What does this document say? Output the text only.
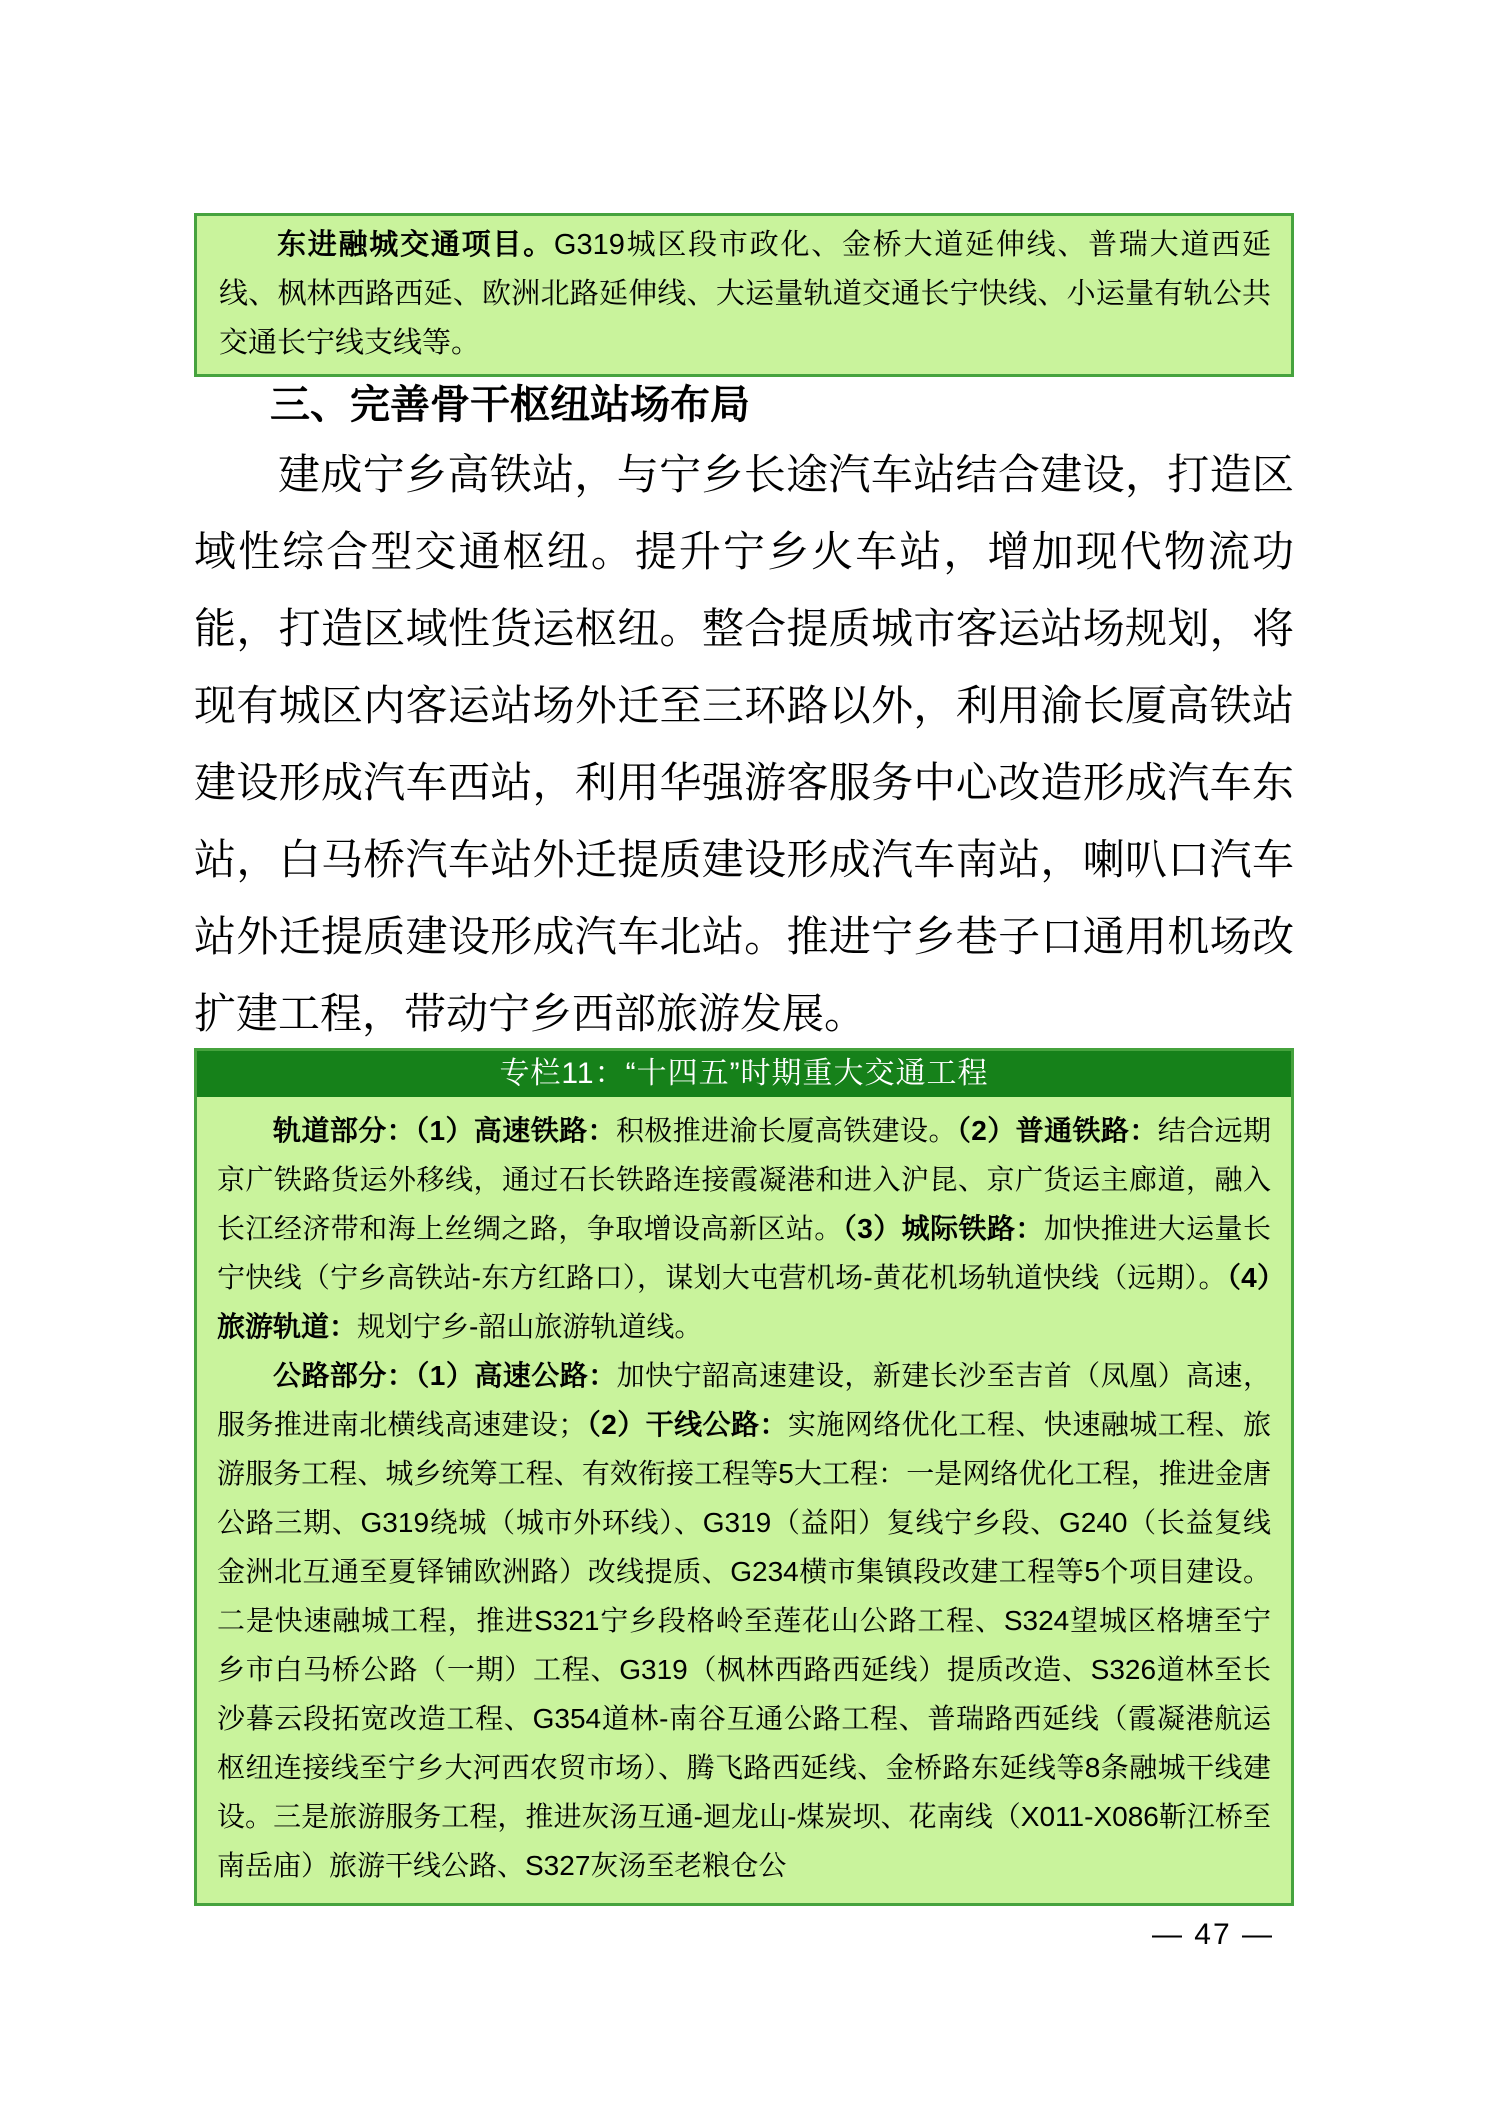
东进融城交通项目。G319城区段市政化、金桥大道延伸线、普瑞大道西延线、枫林西路西延、欧洲北路延伸线、大运量轨道交通长宁快线、小运量有轨公共交通长宁线支线等。

三、完善骨干枢纽站场布局

建成宁乡高铁站，与宁乡长途汽车站结合建设，打造区域性综合型交通枢纽。提升宁乡火车站，增加现代物流功能，打造区域性货运枢纽。整合提质城市客运站场规划，将现有城区内客运站场外迁至三环路以外，利用渝长厦高铁站建设形成汽车西站，利用华强游客服务中心改造形成汽车东站，白马桥汽车站外迁提质建设形成汽车南站，喇叭口汽车站外迁提质建设形成汽车北站。推进宁乡巷子口通用机场改扩建工程，带动宁乡西部旅游发展。

专栏11：“十四五”时期重大交通工程

轨道部分：（1）高速铁路：积极推进渝长厦高铁建设。（2）普通铁路：结合远期京广铁路货运外移线，通过石长铁路连接霞凝港和进入沪昆、京广货运主廊道，融入长江经济带和海上丝绸之路，争取增设高新区站。（3）城际铁路：加快推进大运量长宁快线（宁乡高铁站-东方红路口），谋划大屯营机场-黄花机场轨道快线（远期）。（4）旅游轨道：规划宁乡-韶山旅游轨道线。

公路部分：（1）高速公路：加快宁韶高速建设，新建长沙至吉首（凤凰）高速，服务推进南北横线高速建设；（2）干线公路：实施网络优化工程、快速融城工程、旅游服务工程、城乡统筹工程、有效衔接工程等5大工程：一是网络优化工程，推进金唐公路三期、G319绕城（城市外环线）、G319（益阳）复线宁乡段、G240（长益复线金洲北互通至夏铎铺欧洲路）改线提质、G234横市集镇段改建工程等5个项目建设。二是快速融城工程，推进S321宁乡段格岭至莲花山公路工程、S324望城区格塘至宁乡市白马桥公路（一期）工程、G319（枫林西路西延线）提质改造、S326道林至长沙暮云段拓宽改造工程、G354道林-南谷互通公路工程、普瑞路西延线（霞凝港航运枢纽连接线至宁乡大河西农贸市场）、腾飞路西延线、金桥路东延线等8条融城干线建设。三是旅游服务工程，推进灰汤互通-迴龙山-煤炭坝、花南线（X011-X086靳江桥至南岳庙）旅游干线公路、S327灰汤至老粮仓公

— 47 —
